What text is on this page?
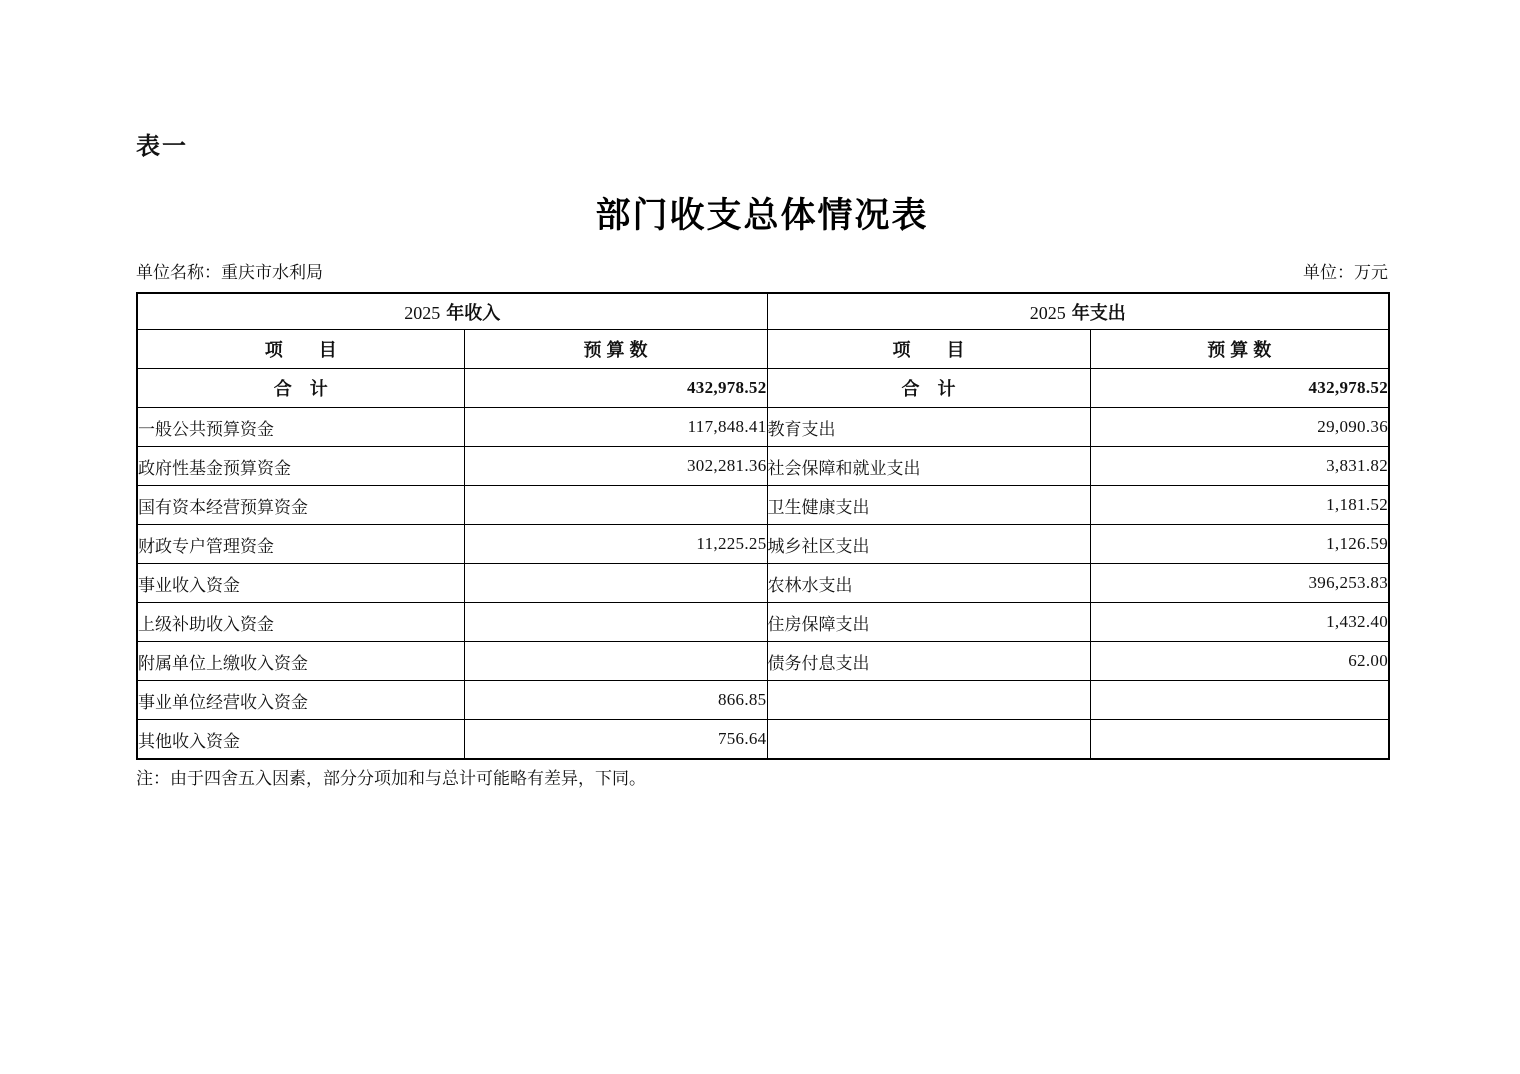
表一
部门收支总体情况表
单位名称：重庆市水利局	单位：万元
2025 年收入		2025 年支出	
项　　目	预 算 数	项　　目	预 算 数
合　计	432,978.52	合　计	432,978.52
一般公共预算资金	117,848.41	教育支出	29,090.36
政府性基金预算资金	302,281.36	社会保障和就业支出	3,831.82
国有资本经营预算资金		卫生健康支出	1,181.52
财政专户管理资金	11,225.25	城乡社区支出	1,126.59
事业收入资金		农林水支出	396,253.83
上级补助收入资金		住房保障支出	1,432.40
附属单位上缴收入资金		债务付息支出	62.00
事业单位经营收入资金	866.85		
其他收入资金	756.64		
注：由于四舍五入因素，部分分项加和与总计可能略有差异，下同。
